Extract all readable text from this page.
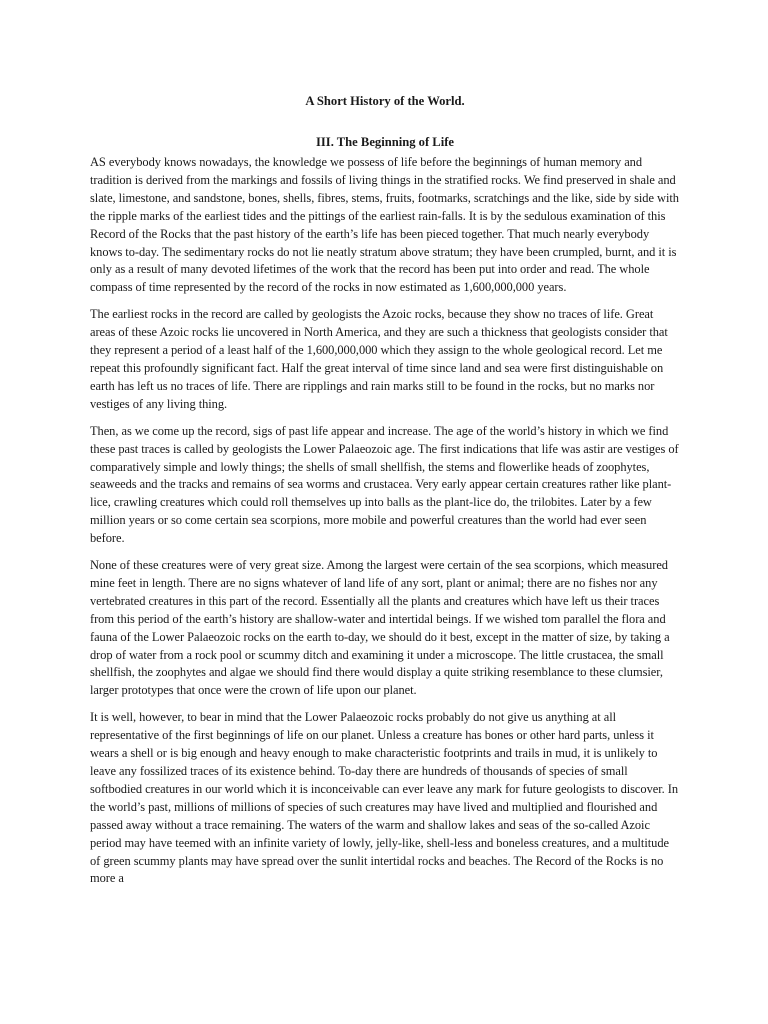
A Short History of the World.
III. The Beginning of Life

AS everybody knows nowadays, the knowledge we possess of life before the beginnings of human memory and tradition is derived from the markings and fossils of living things in the stratified rocks. We find preserved in shale and slate, limestone, and sandstone, bones, shells, fibres, stems, fruits, footmarks, scratchings and the like, side by side with the ripple marks of the earliest tides and the pittings of the earliest rain-falls. It is by the sedulous examination of this Record of the Rocks that the past history of the earth’s life has been pieced together. That much nearly everybody knows to-day. The sedimentary rocks do not lie neatly stratum above stratum; they have been crumpled, burnt, and it is only as a result of many devoted lifetimes of the work that the record has been put into order and read. The whole compass of time represented by the record of the rocks in now estimated as 1,600,000,000 years.

The earliest rocks in the record are called by geologists the Azoic rocks, because they show no traces of life. Great areas of these Azoic rocks lie uncovered in North America, and they are such a thickness that geologists consider that they represent a period of a least half of the 1,600,000,000 which they assign to the whole geological record. Let me repeat this profoundly significant fact. Half the great interval of time since land and sea were first distinguishable on earth has left us no traces of life. There are ripplings and rain marks still to be found in the rocks, but no marks nor vestiges of any living thing.

Then, as we come up the record, sigs of past life appear and increase. The age of the world’s history in which we find these past traces is called by geologists the Lower Palaeozoic age. The first indications that life was astir are vestiges of comparatively simple and lowly things; the shells of small shellfish, the stems and flowerlike heads of zoophytes, seaweeds and the tracks and remains of sea worms and crustacea. Very early appear certain creatures rather like plant-lice, crawling creatures which could roll themselves up into balls as the plant-lice do, the trilobites. Later by a few million years or so come certain sea scorpions, more mobile and powerful creatures than the world had ever seen before.

None of these creatures were of very great size. Among the largest were certain of the sea scorpions, which measured mine feet in length. There are no signs whatever of land life of any sort, plant or animal; there are no fishes nor any vertebrated creatures in this part of the record. Essentially all the plants and creatures which have left us their traces from this period of the earth’s history are shallow-water and intertidal beings. If we wished tom parallel the flora and fauna of the Lower Palaeozoic rocks on the earth to-day, we should do it best, except in the matter of size, by taking a drop of water from a rock pool or scummy ditch and examining it under a microscope. The little crustacea, the small shellfish, the zoophytes and algae we should find there would display a quite striking resemblance to these clumsier, larger prototypes that once were the crown of life upon our planet.

It is well, however, to bear in mind that the Lower Palaeozoic rocks probably do not give us anything at all representative of the first beginnings of life on our planet. Unless a creature has bones or other hard parts, unless it wears a shell or is big enough and heavy enough to make characteristic footprints and trails in mud, it is unlikely to leave any fossilized traces of its existence behind. To-day there are hundreds of thousands of species of small softbodied creatures in our world which it is inconceivable can ever leave any mark for future geologists to discover. In the world’s past, millions of millions of species of such creatures may have lived and multiplied and flourished and passed away without a trace remaining. The waters of the warm and shallow lakes and seas of the so-called Azoic period may have teemed with an infinite variety of lowly, jelly-like, shell-less and boneless creatures, and a multitude of green scummy plants may have spread over the sunlit intertidal rocks and beaches. The Record of the Rocks is no more a
